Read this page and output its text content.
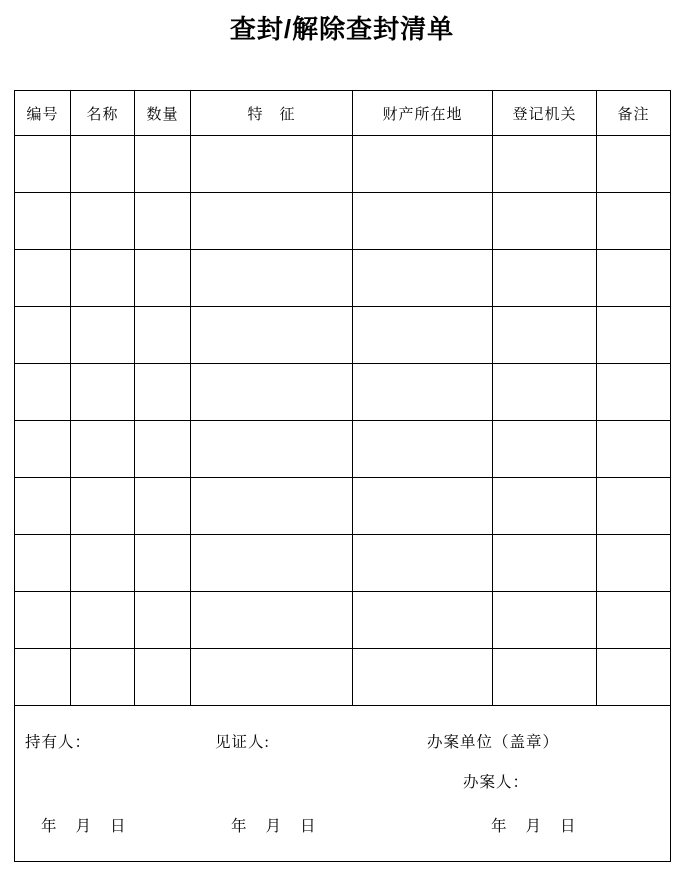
查封/解除查封清单
编号	名称	数量	特　征	财产所在地	登记机关	备注

持有人：	见证人:	办案单位（盖章）
办案人：
年 月 日	年 月 日	年 月 日
